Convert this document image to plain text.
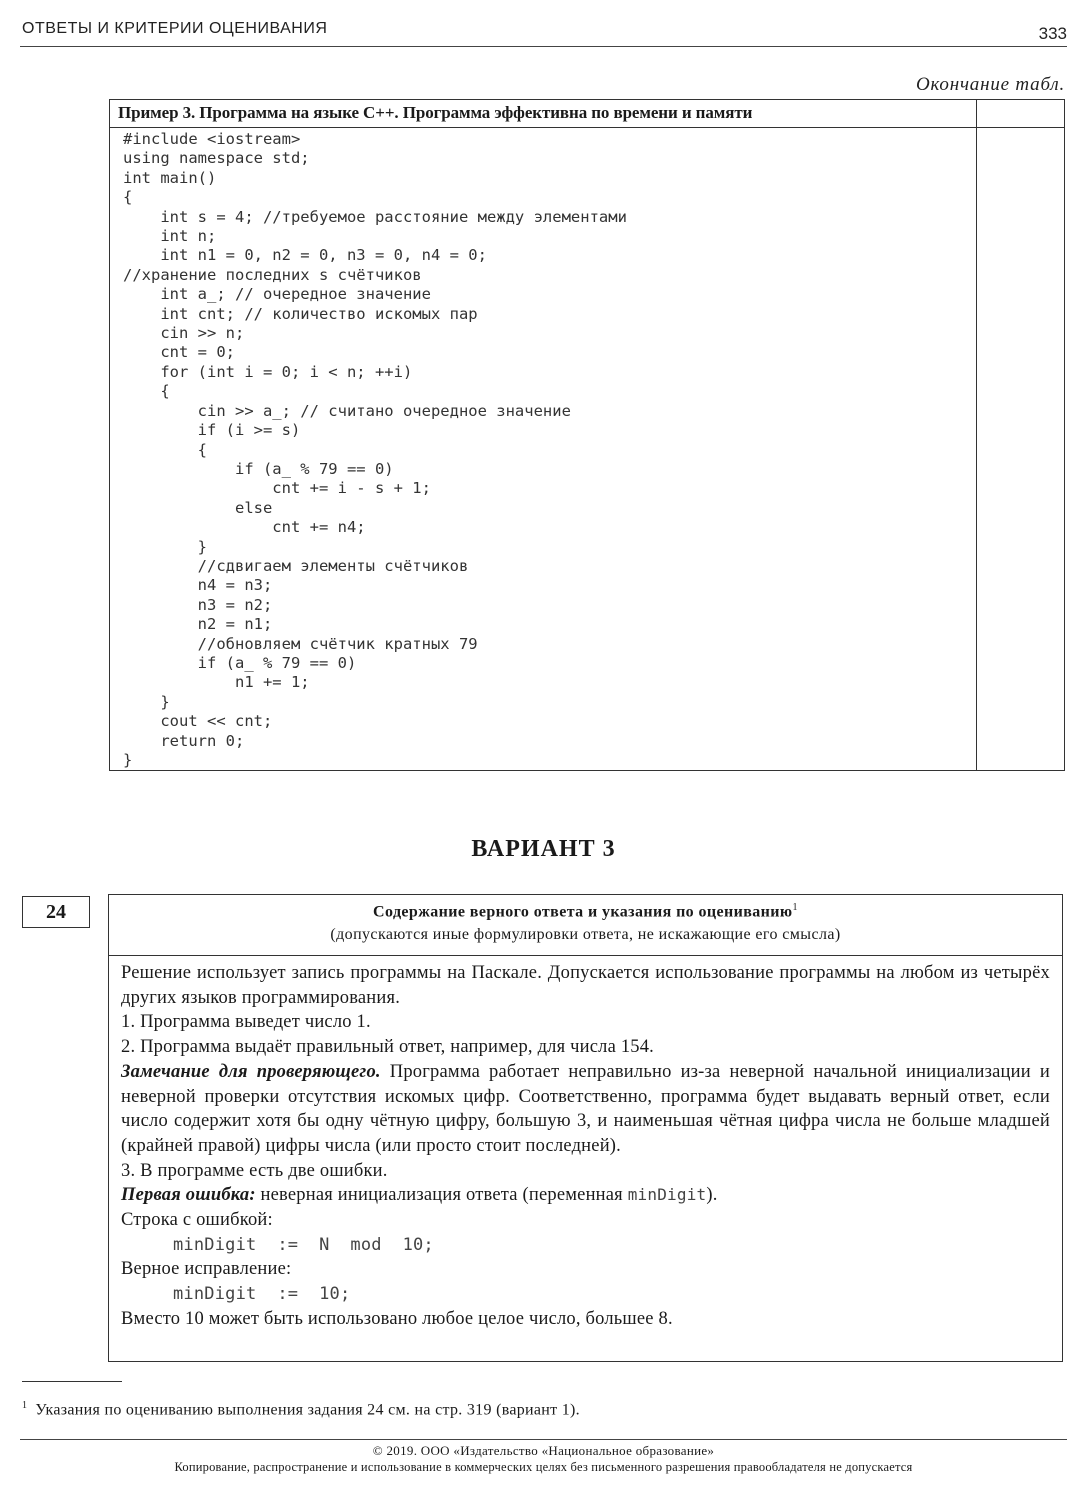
ОТВЕТЫ И КРИТЕРИИ ОЦЕНИВАНИЯ	333
Окончание табл.
Пример 3. Программа на языке C++. Программа эффективна по времени и памяти
#include <iostream>
using namespace std;
int main()
{
int s = 4; //требуемое расстояние между элементами
int n;
int n1 = 0, n2 = 0, n3 = 0, n4 = 0;
//хранение последних s счётчиков
int a_; // очередное значение
int cnt; // количество искомых пар
cin >> n;
cnt = 0;
for (int i = 0; i < n; ++i)
{
cin >> a_; // считано очередное значение
if (i >= s)
{
if (a_ % 79 == 0)
cnt += i - s + 1;
else
cnt += n4;
}
//сдвигаем элементы счётчиков
n4 = n3;
n3 = n2;
n2 = n1;
//обновляем счётчик кратных 79
if (a_ % 79 == 0)
n1 += 1;
}
cout << cnt;
return 0;
}
ВАРИАНТ 3
24	Содержание верного ответа и указания по оцениванию$^1$
(допускаются иные формулировки ответа, не искажающие его смысла)

Решение использует запись программы на Паскале. Допускается использование программы на любом из четырёх других языков программирования.

1. Программа выведет число 1.

2. Программа выдаёт правильный ответ, например, для числа 154.

Замечание для проверяющего. Программа работает неправильно из-за неверной начальной инициализации и неверной проверки отсутствия искомых цифр. Соответственно, программа будет выдавать верный ответ, если число содержит хотя бы одну чётную цифру, большую 3, и наименьшая чётная цифра числа не больше младшей (крайней правой) цифры числа (или просто стоит последней).

3. В программе есть две ошибки.

Первая ошибка: неверная инициализация ответа (переменная minDigit).

Строка с ошибкой:

minDigit  :=  N  mod  10;

Верное исправление:

minDigit  :=  10;

Вместо 10 может быть использовано любое целое число, большее 8.

$^1$ Указания по оцениванию выполнения задания 24 см. на стр. 319 (вариант 1).
© 2019. ООО «Издательство «Национальное образование»
Копирование, распространение и использование в коммерческих целях без письменного разрешения правообладателя не допускается
